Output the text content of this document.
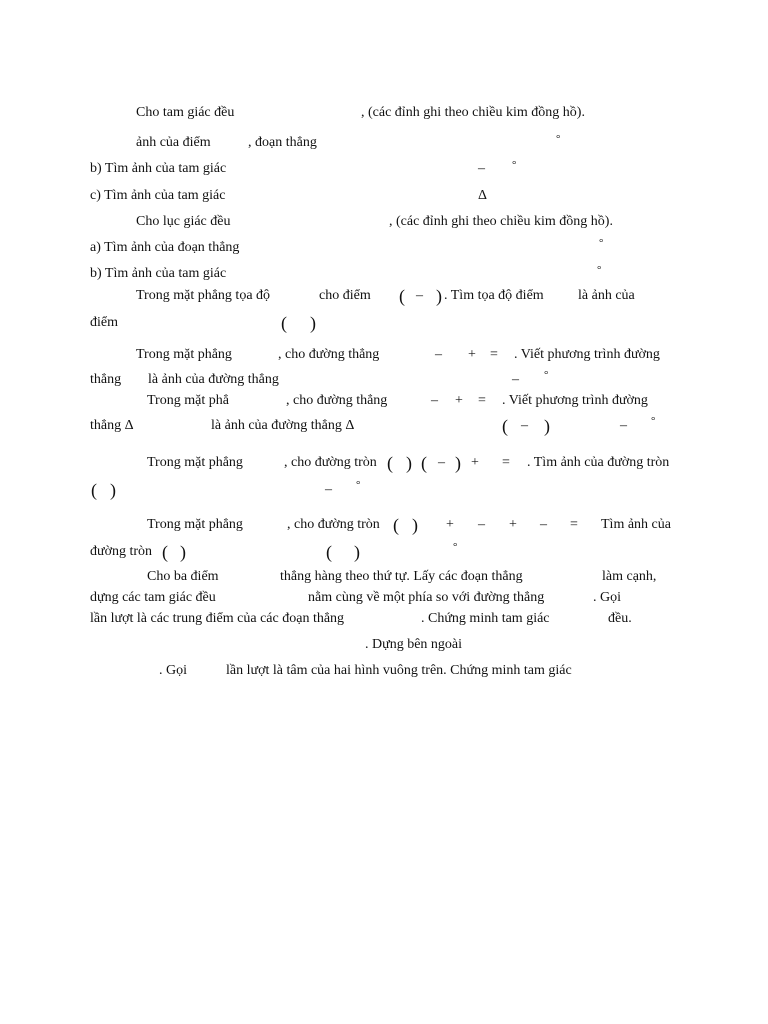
Cho tam giác đều	, (các đỉnh ghi theo chiều kim đồng hồ).
ảnh của điểm	, đoạn thẳng	°
b) Tìm ảnh của tam giác	– °
c) Tìm ảnh của tam giác	Δ
Cho lục giác đều	, (các đỉnh ghi theo chiều kim đồng hồ).
a) Tìm ảnh của đoạn thẳng	°
b) Tìm ảnh của tam giác	°
Trong mặt phẳng tọa độ	cho điểm ( – ) . Tìm tọa độ điểm là ảnh của
điểm	( )
Trong mặt phẳng	, cho đường thẳng	– + = . Viết phương trình đường
thẳng là ảnh của đường thẳng	– °
Trong mặt phẳ	, cho đường thẳng	– + = . Viết phương trình đường
thẳng Δ	là ảnh của đường thẳng Δ	( – )	– °
Trong mặt phẳng	, cho đường tròn ( ) ( – ) + = . Tìm ảnh của đường tròn
( )	– °
Trong mặt phẳng	, cho đường tròn ( ) + – + – = Tìm ảnh của
đường tròn ( )	( )	°
Cho ba điểm	thẳng hàng theo thứ tự. Lấy các đoạn thẳng	làm cạnh,
dựng các tam giác đều	nằm cùng về một phía so với đường thẳng	. Gọi
lần lượt là các trung điểm của các đoạn thẳng	. Chứng minh tam giác	đều.
. Dựng bên ngoài
. Gọi	lần lượt là tâm của hai hình vuông trên. Chứng minh tam giác
